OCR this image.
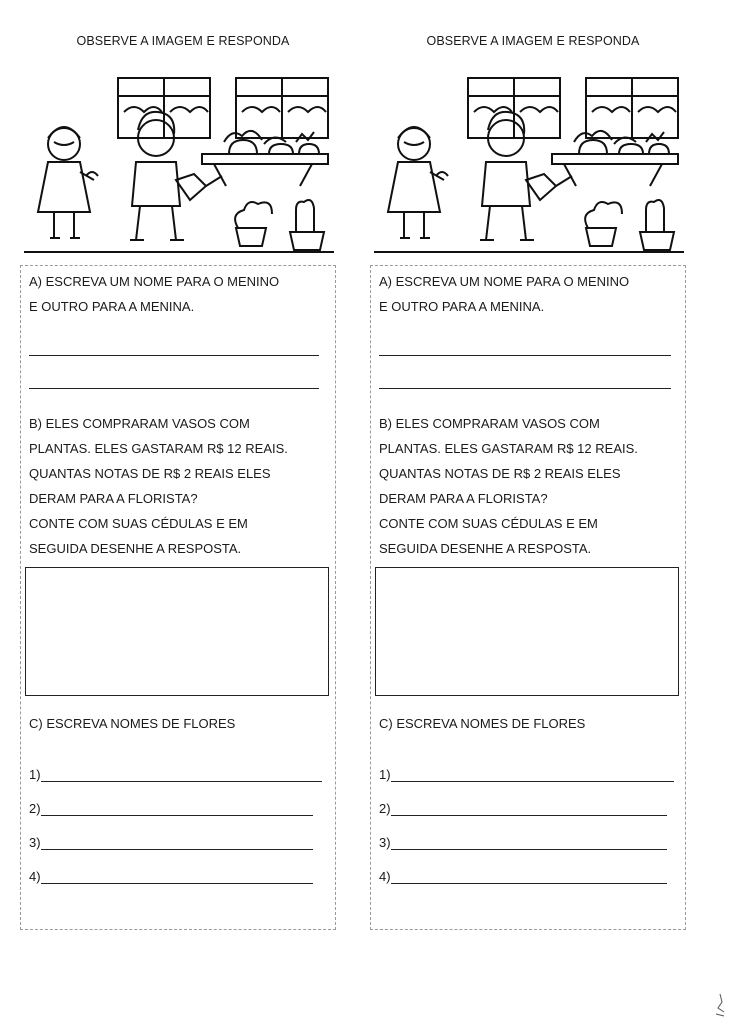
OBSERVE A IMAGEM E RESPONDA
A) ESCREVA UM NOME PARA O MENINO
E OUTRO PARA A MENINA.
B) ELES COMPRARAM VASOS COM
PLANTAS. ELES GASTARAM R$ 12 REAIS.
QUANTAS NOTAS DE R$ 2 REAIS ELES
DERAM PARA A FLORISTA?
CONTE COM SUAS CÉDULAS E EM
SEGUIDA DESENHE A RESPOSTA.
C) ESCREVA NOMES DE FLORES
1)
2)
3)
4)
OBSERVE A IMAGEM E RESPONDA
A) ESCREVA UM NOME PARA O MENINO
E OUTRO PARA A MENINA.
B) ELES COMPRARAM VASOS COM
PLANTAS. ELES GASTARAM R$ 12 REAIS.
QUANTAS NOTAS DE R$ 2 REAIS ELES
DERAM PARA A FLORISTA?
CONTE COM SUAS CÉDULAS E EM
SEGUIDA DESENHE A RESPOSTA.
C) ESCREVA NOMES DE FLORES
1)
2)
3)
4)
